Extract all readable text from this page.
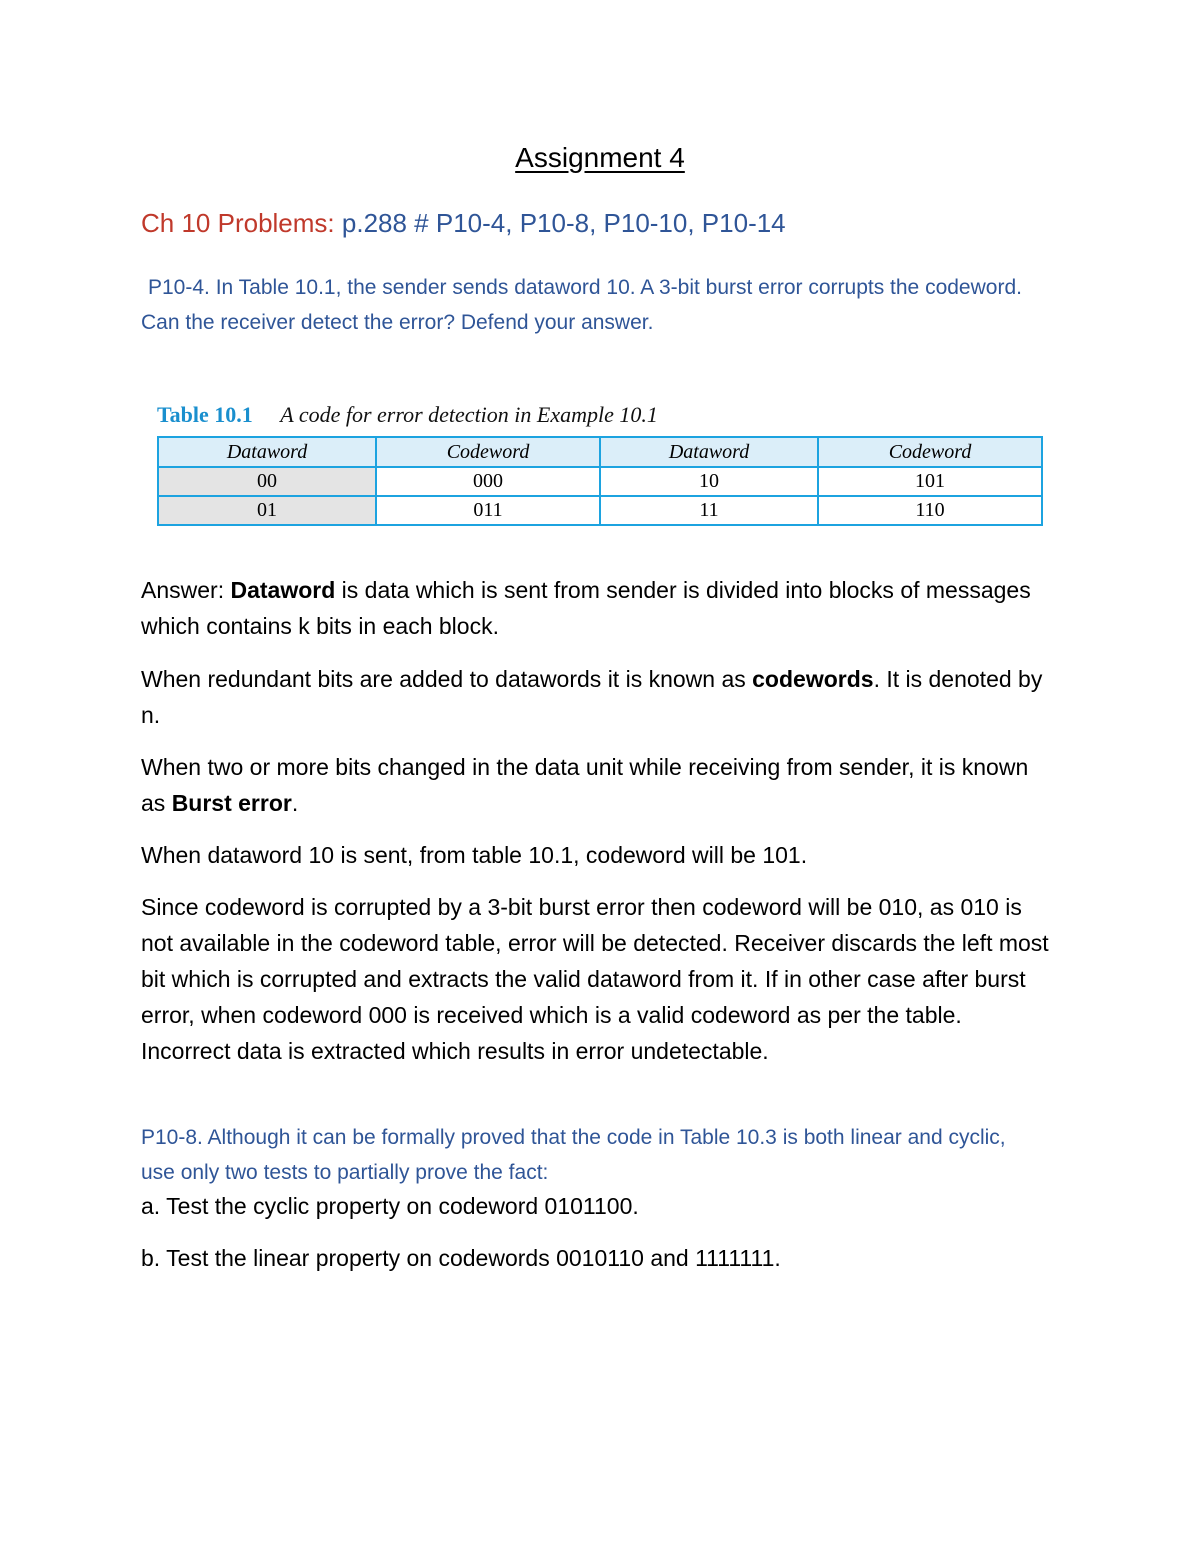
Assignment 4
Ch 10 Problems: p.288 # P10-4, P10-8, P10-10, P10-14
P10-4. In Table 10.1, the sender sends dataword 10. A 3-bit burst error corrupts the codeword. Can the receiver detect the error? Defend your answer.
Table 10.1 A code for error detection in Example 10.1
Dataword	Codeword	Dataword	Codeword
00	000	10	101
01	011	11	110
Answer: Dataword is data which is sent from sender is divided into blocks of messages which contains k bits in each block.
When redundant bits are added to datawords it is known as codewords. It is denoted by n.
When two or more bits changed in the data unit while receiving from sender, it is known as Burst error.
When dataword 10 is sent, from table 10.1, codeword will be 101.
Since codeword is corrupted by a 3-bit burst error then codeword will be 010, as 010 is not available in the codeword table, error will be detected. Receiver discards the left most bit which is corrupted and extracts the valid dataword from it. If in other case after burst error, when codeword 000 is received which is a valid codeword as per the table. Incorrect data is extracted which results in error undetectable.
P10-8. Although it can be formally proved that the code in Table 10.3 is both linear and cyclic, use only two tests to partially prove the fact:
a. Test the cyclic property on codeword 0101100.
b. Test the linear property on codewords 0010110 and 1111111.
